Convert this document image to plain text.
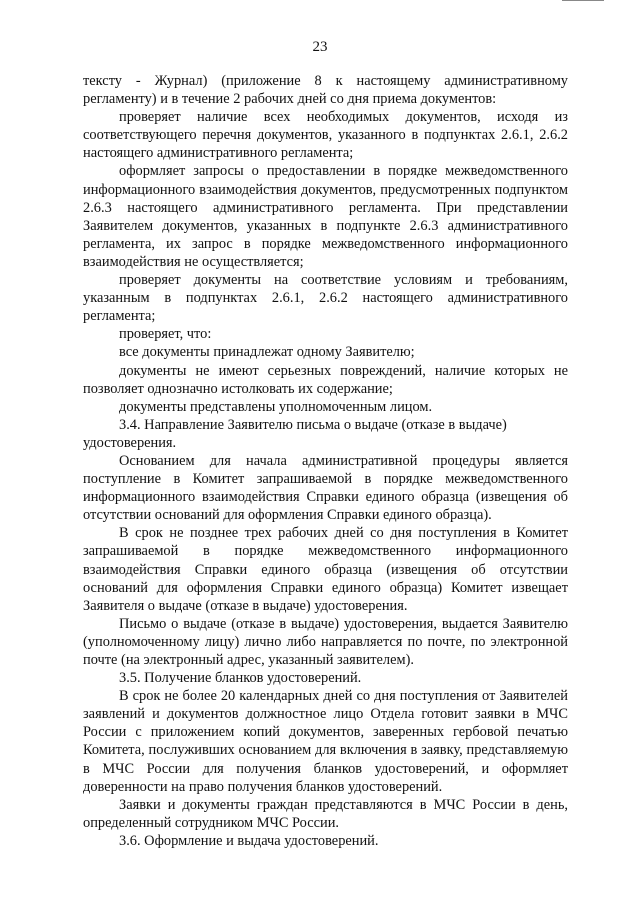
23

тексту - Журнал) (приложение 8 к настоящему административному регламенту) и в течение 2 рабочих дней со дня приема документов:

проверяет наличие всех необходимых документов, исходя из соответствующего перечня документов, указанного в подпунктах 2.6.1, 2.6.2 настоящего административного регламента;

оформляет запросы о предоставлении в порядке межведомственного информационного взаимодействия документов, предусмотренных подпунктом 2.6.3 настоящего административного регламента. При представлении Заявителем документов, указанных в подпункте 2.6.3 административного регламента, их запрос в порядке межведомственного информационного взаимодействия не осуществляется;

проверяет документы на соответствие условиям и требованиям, указанным в подпунктах 2.6.1, 2.6.2 настоящего административного регламента;

проверяет, что:

все документы принадлежат одному Заявителю;

документы не имеют серьезных повреждений, наличие которых не позволяет однозначно истолковать их содержание;

документы представлены уполномоченным лицом.

3.4. Направление Заявителю письма о выдаче (отказе в выдаче) удостоверения.

Основанием для начала административной процедуры является поступление в Комитет запрашиваемой в порядке межведомственного информационного взаимодействия Справки единого образца (извещения об отсутствии оснований для оформления Справки единого образца).

В срок не позднее трех рабочих дней со дня поступления в Комитет запрашиваемой в порядке межведомственного информационного взаимодействия Справки единого образца (извещения об отсутствии оснований для оформления Справки единого образца) Комитет извещает Заявителя о выдаче (отказе в выдаче) удостоверения.

Письмо о выдаче (отказе в выдаче) удостоверения, выдается Заявителю (уполномоченному лицу) лично либо направляется по почте, по электронной почте (на электронный адрес, указанный заявителем).

3.5. Получение бланков удостоверений.

В срок не более 20 календарных дней со дня поступления от Заявителей заявлений и документов должностное лицо Отдела готовит заявки в МЧС России с приложением копий документов, заверенных гербовой печатью Комитета, послуживших основанием для включения в заявку, представляемую в МЧС России для получения бланков удостоверений, и оформляет доверенности на право получения бланков удостоверений.

Заявки и документы граждан представляются в МЧС России в день, определенный сотрудником МЧС России.

3.6. Оформление и выдача удостоверений.
